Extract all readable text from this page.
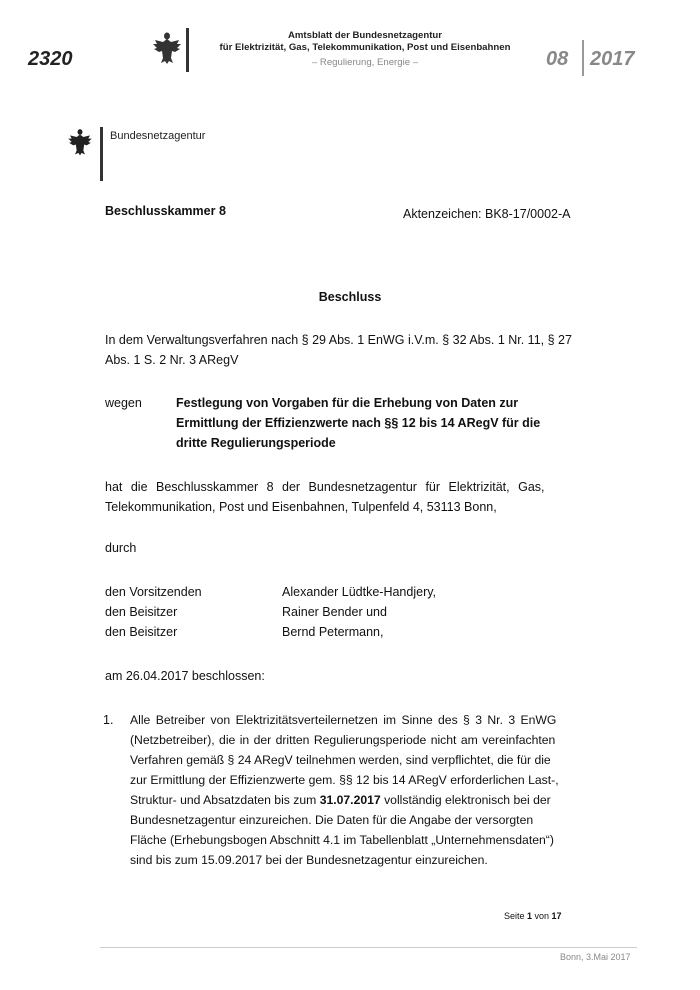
2320
Amtsblatt der Bundesnetzagentur
für Elektrizität, Gas, Telekommunikation, Post und Eisenbahnen
– Regulierung, Energie –	08 2017
Bundesnetzagentur
Beschlusskammer 8	Aktenzeichen: BK8-17/0002-A
Beschluss
In dem Verwaltungsverfahren nach § 29 Abs. 1 EnWG i.V.m. § 32 Abs. 1 Nr. 11, § 27
Abs. 1 S. 2 Nr. 3 ARegV
wegen	Festlegung von Vorgaben für die Erhebung von Daten zur
Ermittlung der Effizienzwerte nach §§ 12 bis 14 ARegV für die
dritte Regulierungsperiode
hat die Beschlusskammer 8 der Bundesnetzagentur für Elektrizität, Gas,
Telekommunikation, Post und Eisenbahnen, Tulpenfeld 4, 53113 Bonn,
durch
den Vorsitzenden	Alexander Lüdtke-Handjery,
den Beisitzer	Rainer Bender und
den Beisitzer	Bernd Petermann,
am 26.04.2017 beschlossen:
1. Alle Betreiber von Elektrizitätsverteilernetzen im Sinne des § 3 Nr. 3 EnWG
(Netzbetreiber), die in der dritten Regulierungsperiode nicht am vereinfachten
Verfahren gemäß § 24 ARegV teilnehmen werden, sind verpflichtet, die für die
zur Ermittlung der Effizienzwerte gem. §§ 12 bis 14 ARegV erforderlichen Last-,
Struktur- und Absatzdaten bis zum 31.07.2017 vollständig elektronisch bei der
Bundesnetzagentur einzureichen. Die Daten für die Angabe der versorgten
Fläche (Erhebungsbogen Abschnitt 4.1 im Tabellenblatt „Unternehmensdaten“)
sind bis zum 15.09.2017 bei der Bundesnetzagentur einzureichen.
Seite 1 von 17
Bonn, 3.Mai 2017
